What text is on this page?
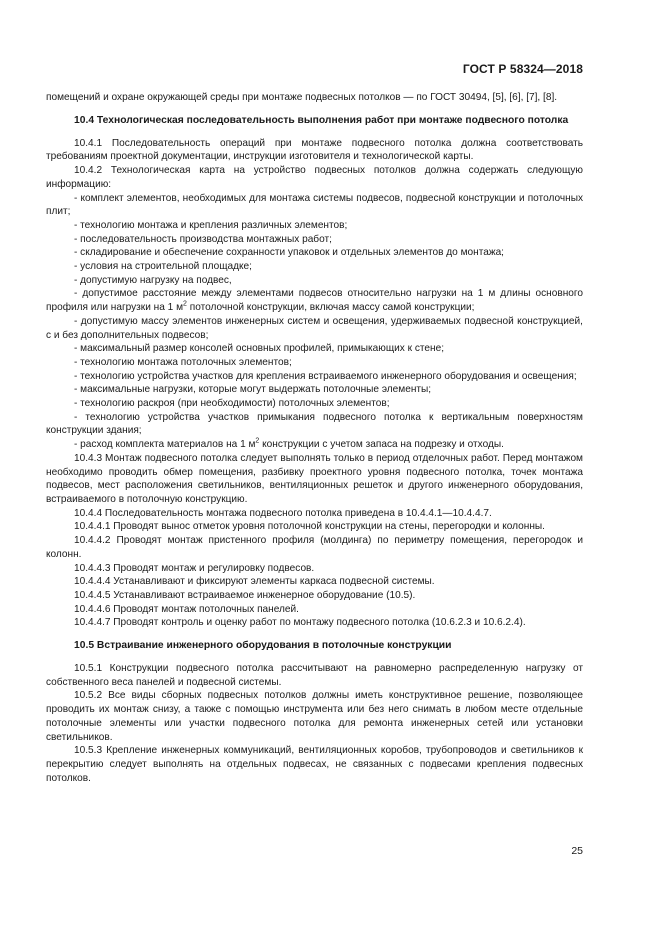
ГОСТ Р 58324—2018

помещений и охране окружающей среды при монтаже подвесных потолков — по ГОСТ 30494, [5], [6], [7], [8].

10.4 Технологическая последовательность выполнения работ при монтаже подвесного потолка

10.4.1 Последовательность операций при монтаже подвесного потолка должна соответствовать требованиям проектной документации, инструкции изготовителя и технологической карты.

10.4.2 Технологическая карта на устройство подвесных потолков должна содержать следующую информацию:

- комплект элементов, необходимых для монтажа системы подвесов, подвесной конструкции и потолочных плит;

- технологию монтажа и крепления различных элементов;

- последовательность производства монтажных работ;

- складирование и обеспечение сохранности упаковок и отдельных элементов до монтажа;

- условия на строительной площадке;

- допустимую нагрузку на подвес,

- допустимое расстояние между элементами подвесов относительно нагрузки на 1 м длины основного профиля или нагрузки на 1 $м^2$ потолочной конструкции, включая массу самой конструкции;

- допустимую массу элементов инженерных систем и освещения, удерживаемых подвесной конструкцией, с и без дополнительных подвесов;

- максимальный размер консолей основных профилей, примыкающих к стене;

- технологию монтажа потолочных элементов;

- технологию устройства участков для крепления встраиваемого инженерного оборудования и освещения;

- максимальные нагрузки, которые могут выдержать потолочные элементы;

- технологию раскроя (при необходимости) потолочных элементов;

- технологию устройства участков примыкания подвесного потолка к вертикальным поверхностям конструкции здания;

- расход комплекта материалов на 1 $м^2$ конструкции с учетом запаса на подрезку и отходы.

10.4.3 Монтаж подвесного потолка следует выполнять только в период отделочных работ. Перед монтажом необходимо проводить обмер помещения, разбивку проектного уровня подвесного потолка, точек монтажа подвесов, мест расположения светильников, вентиляционных решеток и другого инженерного оборудования, встраиваемого в потолочную конструкцию.

10.4.4 Последовательность монтажа подвесного потолка приведена в 10.4.4.1—10.4.4.7.

10.4.4.1 Проводят вынос отметок уровня потолочной конструкции на стены, перегородки и колонны.

10.4.4.2 Проводят монтаж пристенного профиля (молдинга) по периметру помещения, перегородок и колонн.

10.4.4.3 Проводят монтаж и регулировку подвесов.

10.4.4.4 Устанавливают и фиксируют элементы каркаса подвесной системы.

10.4.4.5 Устанавливают встраиваемое инженерное оборудование (10.5).

10.4.4.6 Проводят монтаж потолочных панелей.

10.4.4.7 Проводят контроль и оценку работ по монтажу подвесного потолка (10.6.2.3 и 10.6.2.4).

10.5 Встраивание инженерного оборудования в потолочные конструкции

10.5.1 Конструкции подвесного потолка рассчитывают на равномерно распределенную нагрузку от собственного веса панелей и подвесной системы.

10.5.2 Все виды сборных подвесных потолков должны иметь конструктивное решение, позволяющее проводить их монтаж снизу, а также с помощью инструмента или без него снимать в любом месте отдельные потолочные элементы или участки подвесного потолка для ремонта инженерных сетей или установки светильников.

10.5.3 Крепление инженерных коммуникаций, вентиляционных коробов, трубопроводов и светильников к перекрытию следует выполнять на отдельных подвесах, не связанных с подвесами крепления подвесных потолков.

25
